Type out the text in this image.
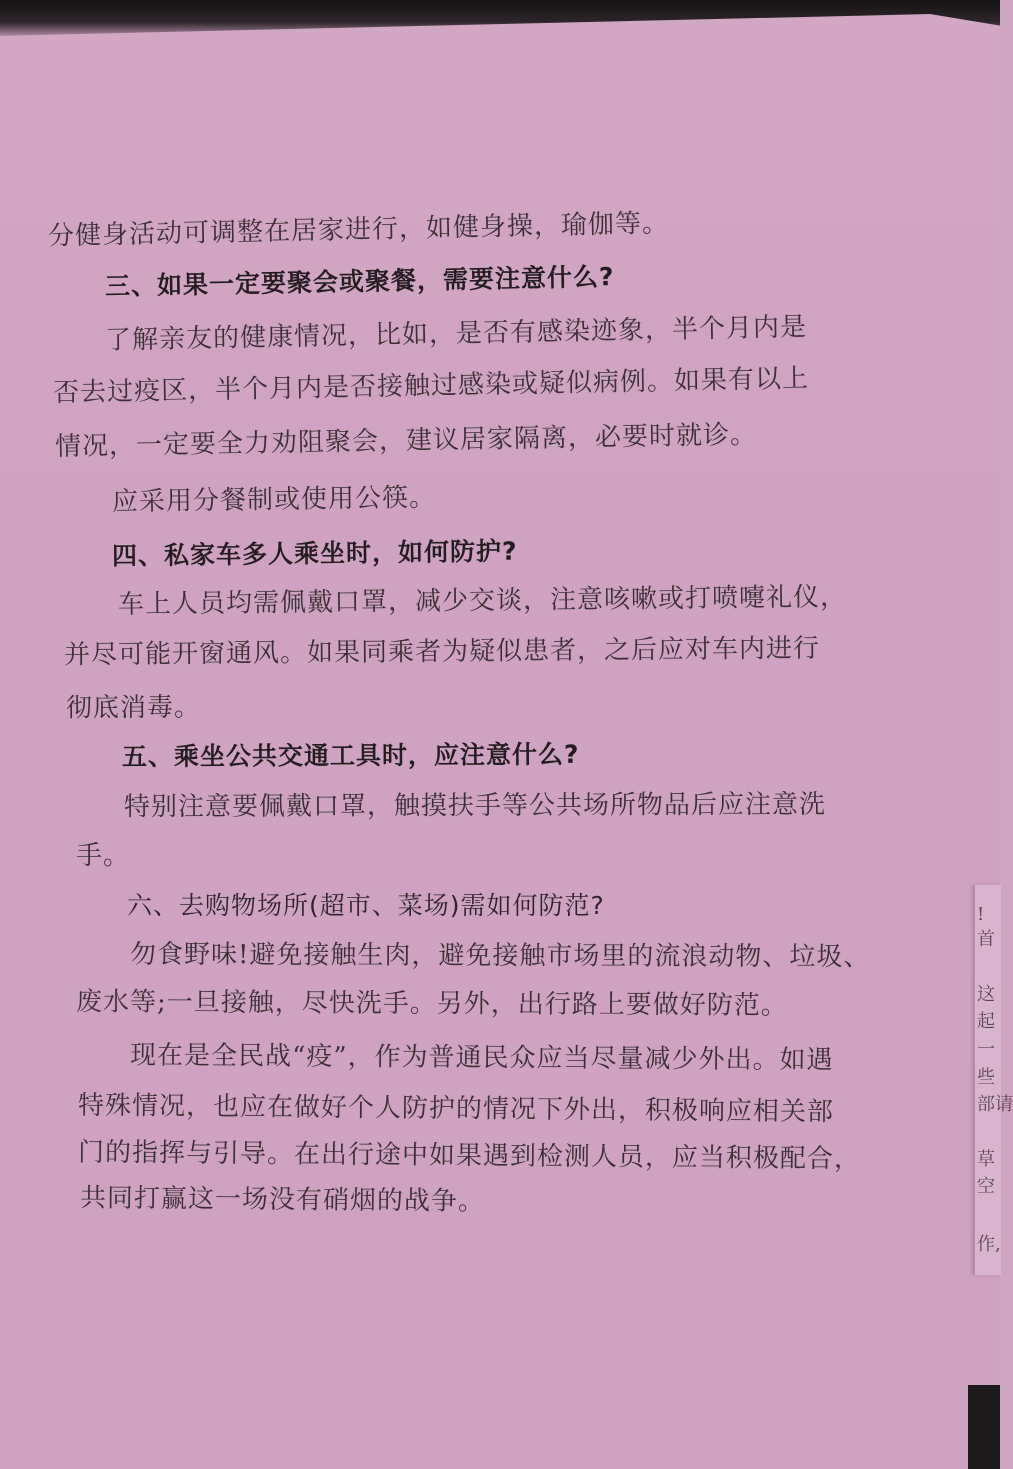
!
首
这
起
一
些
部请
草
空
作,
分健身活动可调整在居家进行，如健身操，瑜伽等。
三、如果一定要聚会或聚餐，需要注意什么?
了解亲友的健康情况，比如，是否有感染迹象，半个月内是
否去过疫区，半个月内是否接触过感染或疑似病例。如果有以上
情况，一定要全力劝阻聚会，建议居家隔离，必要时就诊。
应采用分餐制或使用公筷。
四、私家车多人乘坐时，如何防护?
车上人员均需佩戴口罩，减少交谈，注意咳嗽或打喷嚏礼仪，
并尽可能开窗通风。如果同乘者为疑似患者，之后应对车内进行
彻底消毒。
五、乘坐公共交通工具时，应注意什么?
特别注意要佩戴口罩，触摸扶手等公共场所物品后应注意洗
手。
六、去购物场所(超市、菜场)需如何防范?
勿食野味!避免接触生肉，避免接触市场里的流浪动物、垃圾、
废水等;一旦接触，尽快洗手。另外，出行路上要做好防范。
现在是全民战“疫”，作为普通民众应当尽量减少外出。如遇
特殊情况，也应在做好个人防护的情况下外出，积极响应相关部
门的指挥与引导。在出行途中如果遇到检测人员，应当积极配合，
共同打赢这一场没有硝烟的战争。
